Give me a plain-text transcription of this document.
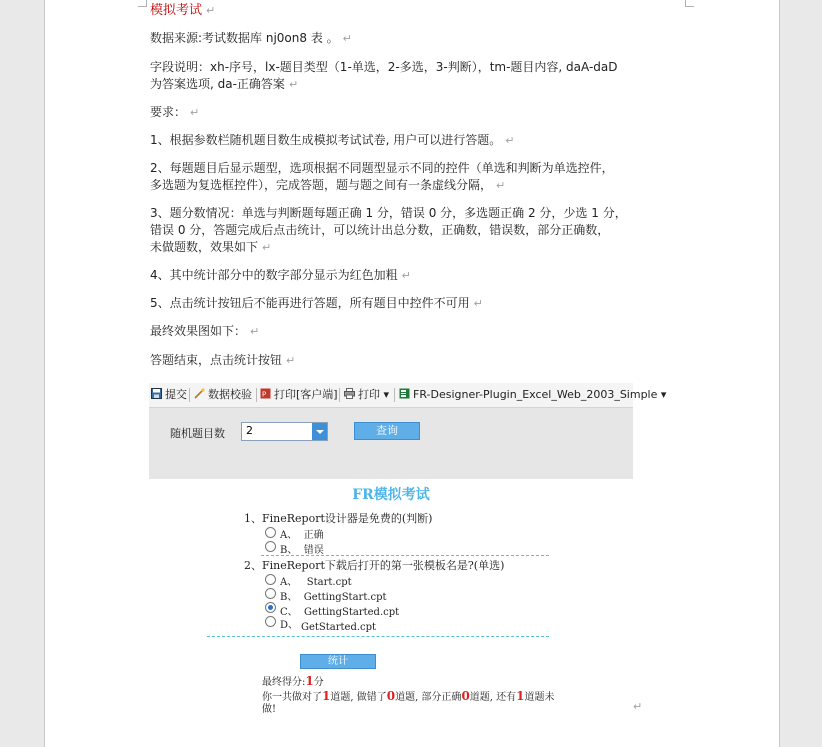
模拟考试 ↵
数据来源:考试数据库 nj0on8 表 。 ↵
字段说明：xh-序号，lx-题目类型（1-单选，2-多选，3-判断），tm-题目内容, daA-daD
为答案选项, da-正确答案 ↵
要求： ↵
1、根据参数栏随机题目数生成模拟考试试卷, 用户可以进行答题。 ↵
2、每题题目后显示题型，选项根据不同题型显示不同的控件（单选和判断为单选控件，
多选题为复选框控件），完成答题，题与题之间有一条虚线分隔， ↵
3、题分数情况：单选与判断题每题正确 1 分，错误 0 分，多选题正确 2 分，少选 1 分，
错误 0 分，答题完成后点击统计，可以统计出总分数，正确数，错误数，部分正确数，
未做题数，效果如下 ↵
4、其中统计部分中的数字部分显示为红色加粗 ↵
5、点击统计按钮后不能再进行答题，所有题目中控件不可用 ↵
最终效果图如下： ↵
答题结束，点击统计按钮 ↵
提交	数据校验 P 打印[客户端]	打印 ▾	FR-Designer-Plugin_Excel_Web_2003_Simple ▾
随机题目数 2	查询
FR模拟考试
1、FineReport设计器是免费的(判断)
A、 正确
B、 错误
2、FineReport下载后打开的第一张模板名是?(单选)
A、 Start.cpt
B、 GettingStart.cpt
C、 GettingStarted.cpt
D、 GetStarted.cpt
统计
最终得分:1分
你一共做对了1道题, 做错了0道题, 部分正确0道题, 还有1道题未
做!	↵
